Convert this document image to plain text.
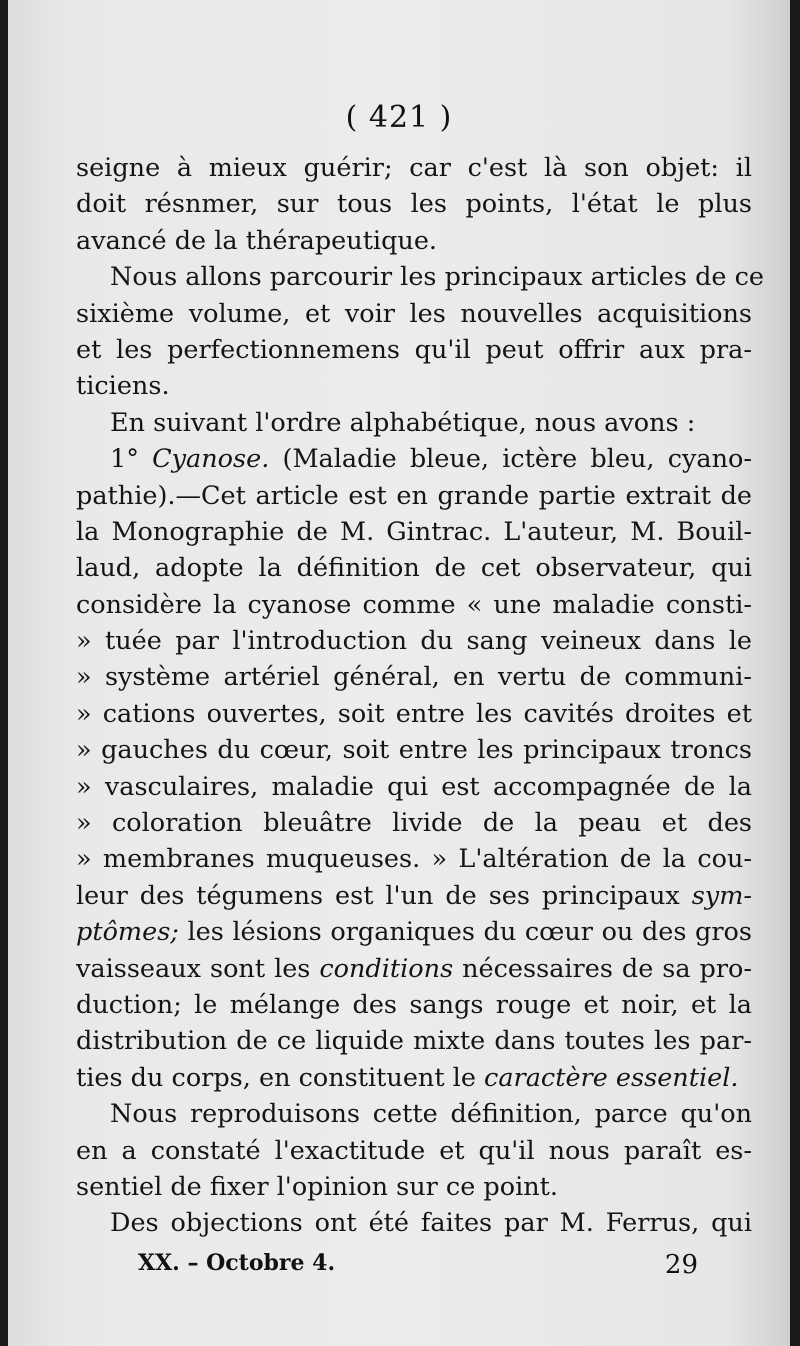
( 421 )
seigne à mieux guérir; car c'est là son objet: il
doit résnmer, sur tous les points, l'état le plus
avancé de la thérapeutique.
Nous allons parcourir les principaux articles de ce
sixième volume, et voir les nouvelles acquisitions
et les perfectionnemens qu'il peut offrir aux pra-
ticiens.
En suivant l'ordre alphabétique, nous avons :
1° Cyanose. (Maladie bleue, ictère bleu, cyano-
pathie).—Cet article est en grande partie extrait de
la Monographie de M. Gintrac. L'auteur, M. Bouil-
laud, adopte la définition de cet observateur, qui
considère la cyanose comme « une maladie consti-
» tuée par l'introduction du sang veineux dans le
» système artériel général, en vertu de communi-
» cations ouvertes, soit entre les cavités droites et
» gauches du cœur, soit entre les principaux troncs
» vasculaires, maladie qui est accompagnée de la
» coloration bleuâtre livide de la peau et des
» membranes muqueuses. » L'altération de la cou-
leur des tégumens est l'un de ses principaux sym-
ptômes; les lésions organiques du cœur ou des gros
vaisseaux sont les conditions nécessaires de sa pro-
duction; le mélange des sangs rouge et noir, et la
distribution de ce liquide mixte dans toutes les par-
ties du corps, en constituent le caractère essentiel.
Nous reproduisons cette définition, parce qu'on
en a constaté l'exactitude et qu'il nous paraît es-
sentiel de fixer l'opinion sur ce point.
Des objections ont été faites par M. Ferrus, qui
XX. – Octobre 4.	29
